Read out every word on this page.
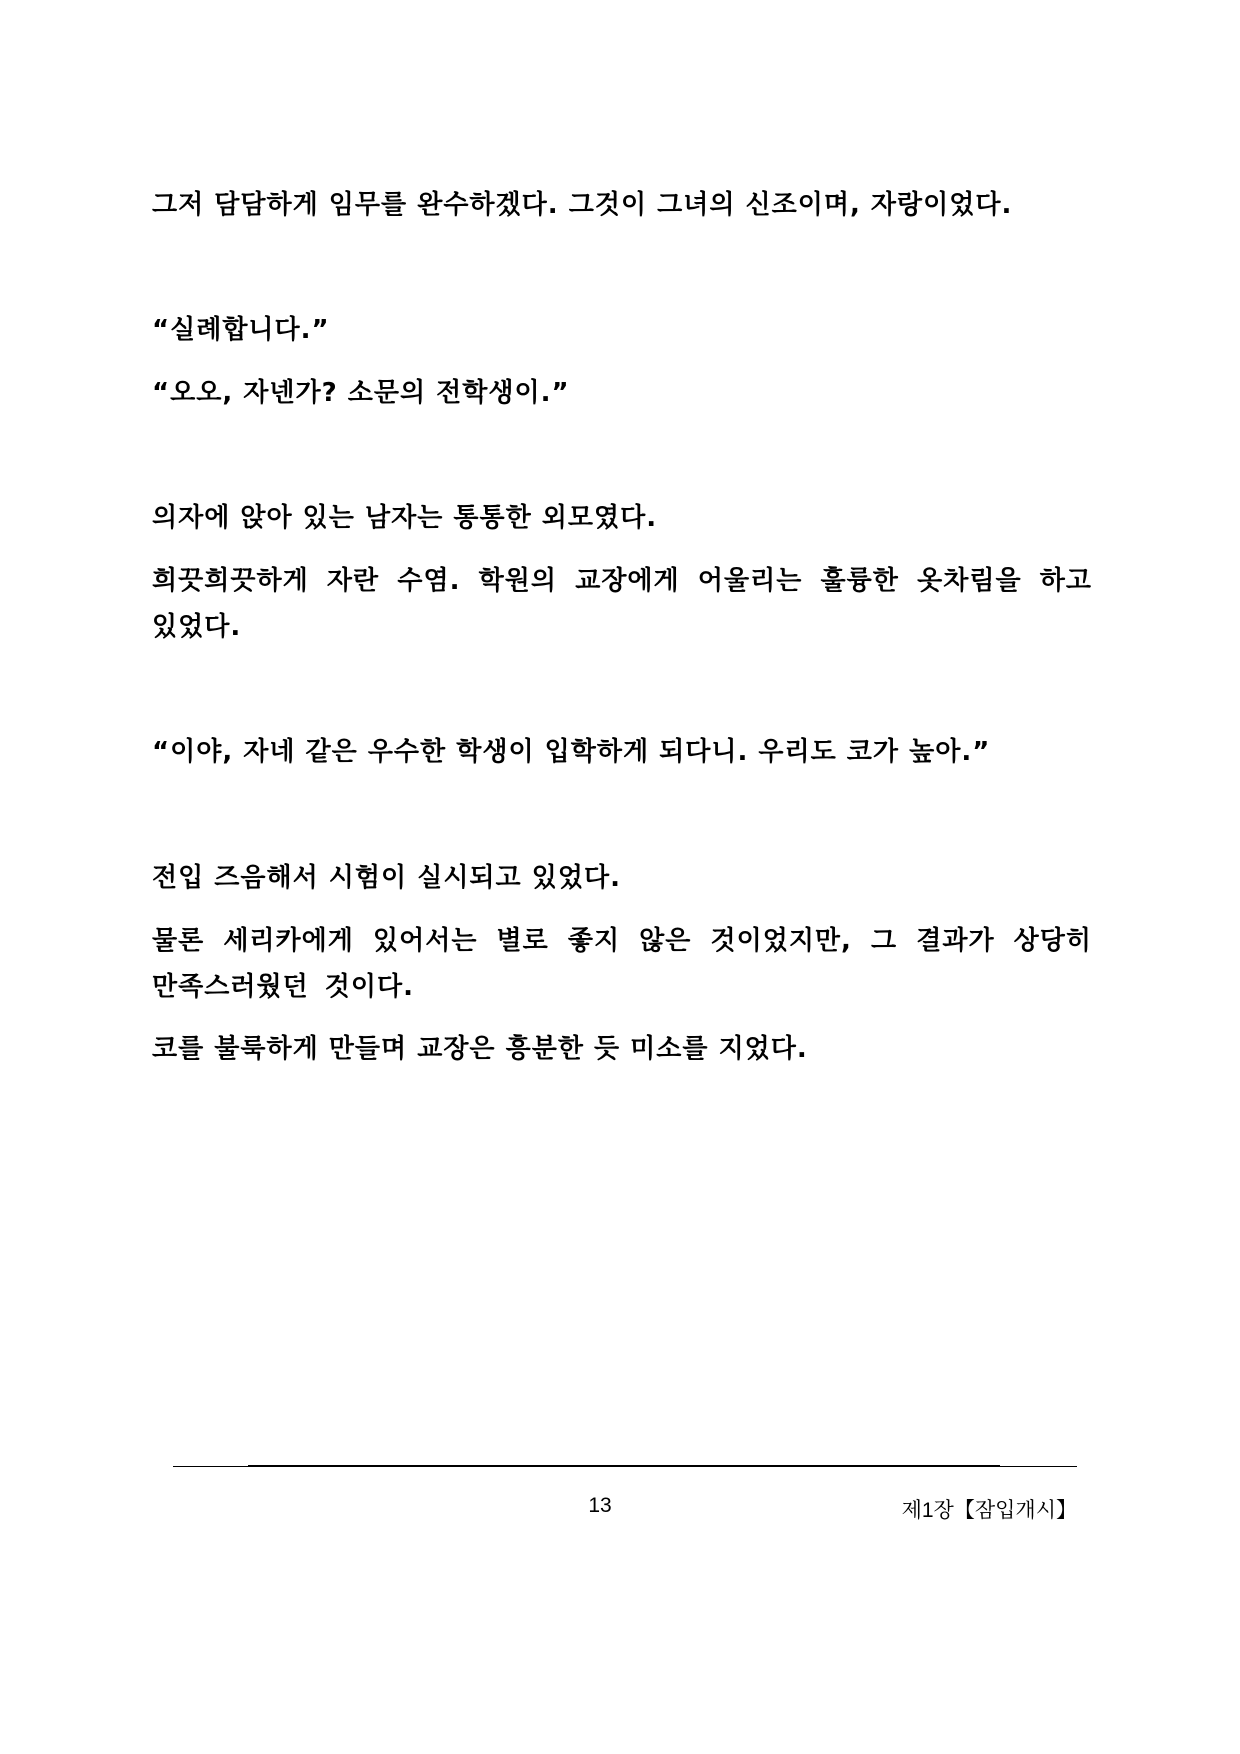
그저 담담하게 임무를 완수하겠다. 그것이 그녀의 신조이며, 자랑이었다.

“실례합니다.”

“오오, 자넨가? 소문의 전학생이.”

의자에 앉아 있는 남자는 통통한 외모였다.

희끗희끗하게 자란 수염. 학원의 교장에게 어울리는 훌륭한 옷차림을 하고 있었다.

“이야, 자네 같은 우수한 학생이 입학하게 되다니. 우리도 코가 높아.”

전입 즈음해서 시험이 실시되고 있었다.

물론 세리카에게 있어서는 별로 좋지 않은 것이었지만, 그 결과가 상당히 만족스러웠던 것이다.

코를 불룩하게 만들며 교장은 흥분한 듯 미소를 지었다.

13	제1장【잠입개시】
